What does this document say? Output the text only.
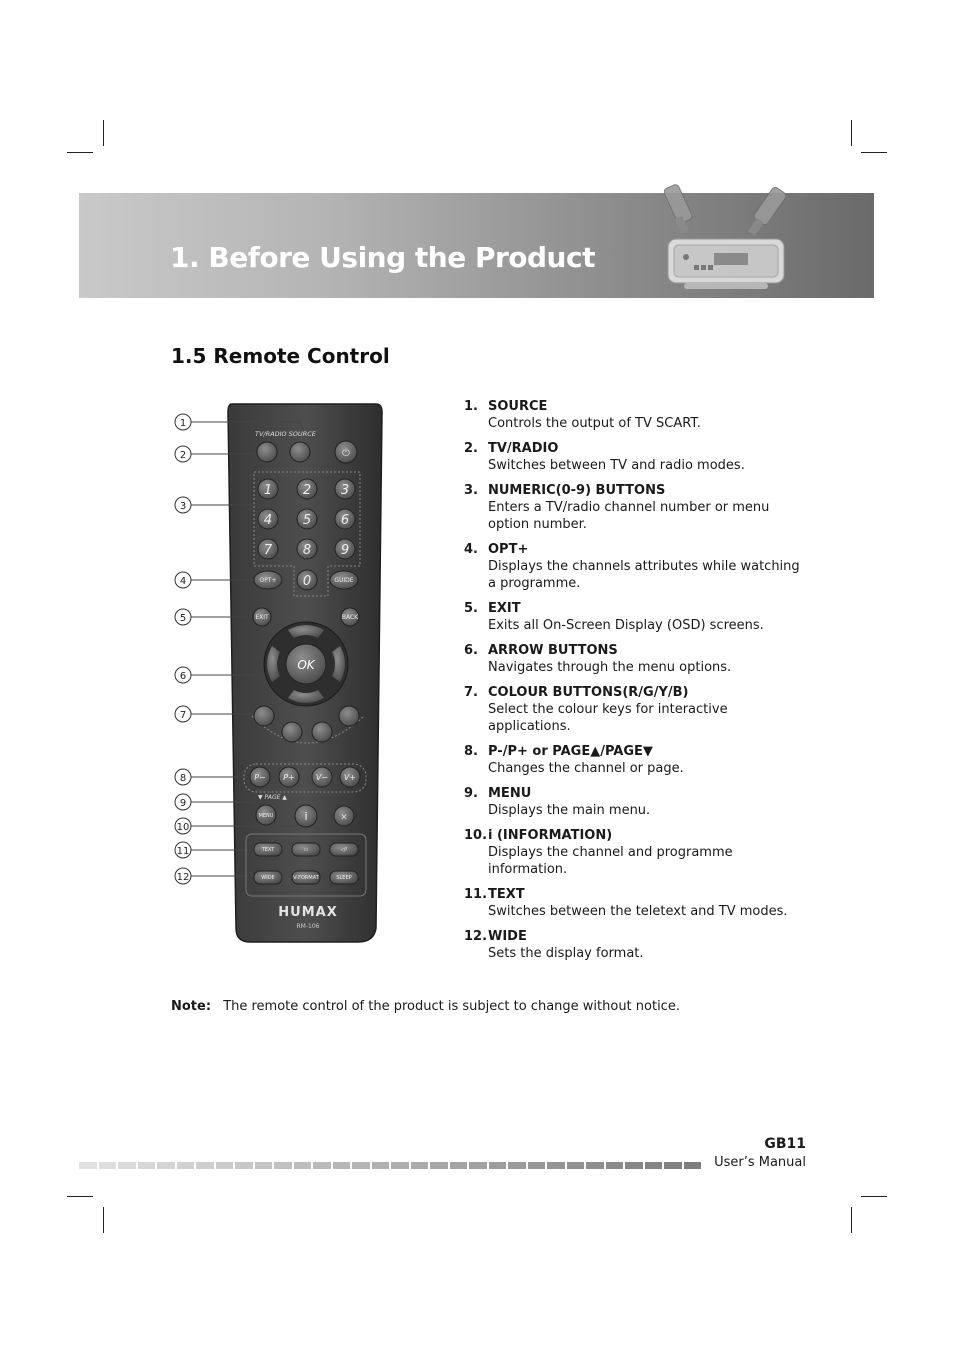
1. Before Using the Product
1.5 Remote Control
1
2
3
4
5
6
7
8
9
10
11
12
TV/RADIO SOURCE
⏻
1 2 3
4 5 6
7 8 9
0
OPT+	GUIDE
EXIT	BACK
OK
P− P+	V− V+
▼ PAGE ▲
MENU	i	✕
TEXT	▭	◁?
WIDE	V-FORMAT	SLEEP
HUMAX
RM-106
1. SOURCE
Controls the output of TV SCART.
2. TV/RADIO
Switches between TV and radio modes.
3. NUMERIC(0-9) BUTTONS
Enters a TV/radio channel number or menu option number.
4. OPT+
Displays the channels attributes while watching a programme.
5. EXIT
Exits all On-Screen Display (OSD) screens.
6. ARROW BUTTONS
Navigates through the menu options.
7. COLOUR BUTTONS(R/G/Y/B)
Select the colour keys for interactive applications.
8. P-/P+ or PAGE▲/PAGE▼
Changes the channel or page.
9. MENU
Displays the main menu.
10. i (INFORMATION)
Displays the channel and programme information.
11. TEXT
Switches between the teletext and TV modes.
12. WIDE
Sets the display format.
Note: The remote control of the product is subject to change without notice.
GB11
User’s Manual
